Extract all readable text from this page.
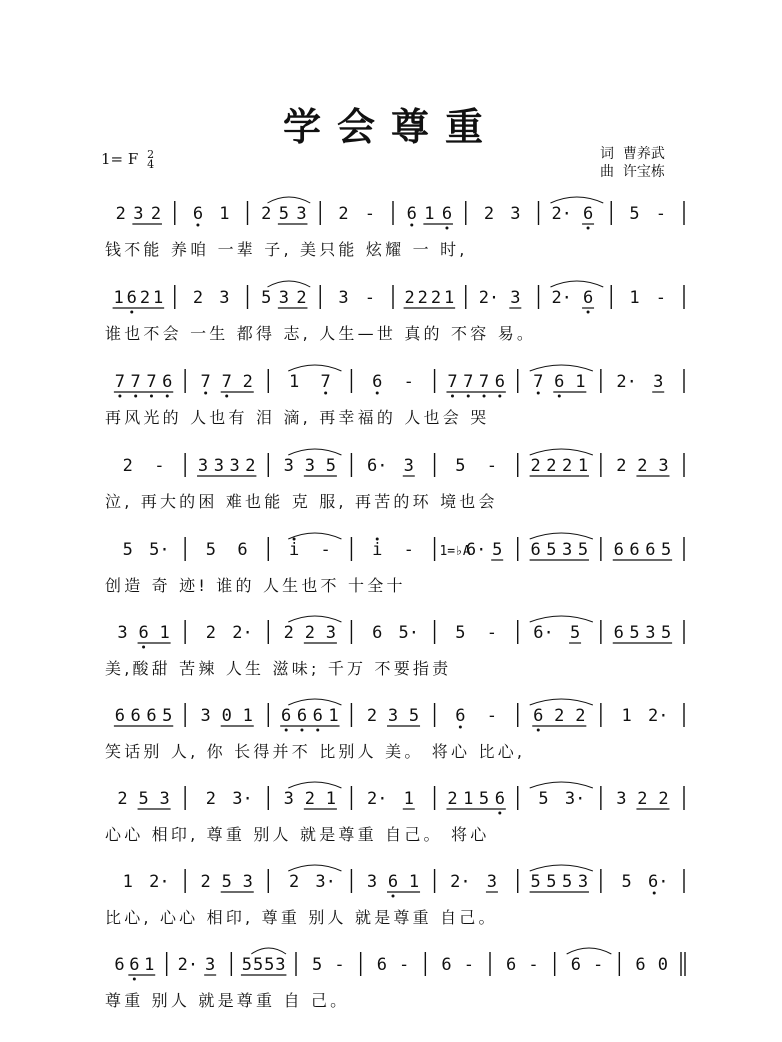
学会尊重
1= F 2
4
词  曹养武
曲  许宝栋
2 3 2 6 1 2 5 3 2 - 6 1 6 2 3 2· 6 5 -
钱不能 养咱 一辈 子, 美只能 炫耀 一 时,
1 6 2 1 2 3 5 3 2 3 - 2 2 2 1 2· 3 2· 6 1 -
谁也不会 一生 都得 志, 人生—世 真的 不容 易。
7 7 7 6 7 7 2 1 7 6 - 7 7 7 6 7 6 1 2· 3
再风光的 人也有 泪 滴, 再幸福的 人也会 哭
2 - 3 3 3 2 3 3 5 6· 3 5 - 2 2 2 1 2 2 3
泣, 再大的困 难也能 克 服, 再苦的环 境也会
5 5· 5 6 i - i - 1=♭A
6· 5 6 5 3 5 6 6 6 5
创造 奇 迹! 谁的 人生也不 十全十
3 6 1 2 2· 2 2 3 6 5· 5 - 6· 5 6 5 3 5
美,酸甜 苦辣 人生 滋味; 千万 不要指责
6 6 6 5 3 0 1 6 6 6 1 2 3 5 6 - 6 2 2 1 2·
笑话别 人, 你 长得并不 比别人 美。 将心 比心,
2 5 3 2 3· 3 2 1 2· 1 2 1 5 6 5 3· 3 2 2
心心 相印, 尊重 别人 就是尊重 自己。 将心
1 2· 2 5 3 2 3· 3 6 1 2· 3 5 5 5 3 5 6·
比心, 心心 相印, 尊重 别人 就是尊重 自己。
6 6 1 2· 3 5 5 5 3 5 - 6 - 6 - 6 - 6 - 6 0
尊重 别人 就是尊重 自 己。
